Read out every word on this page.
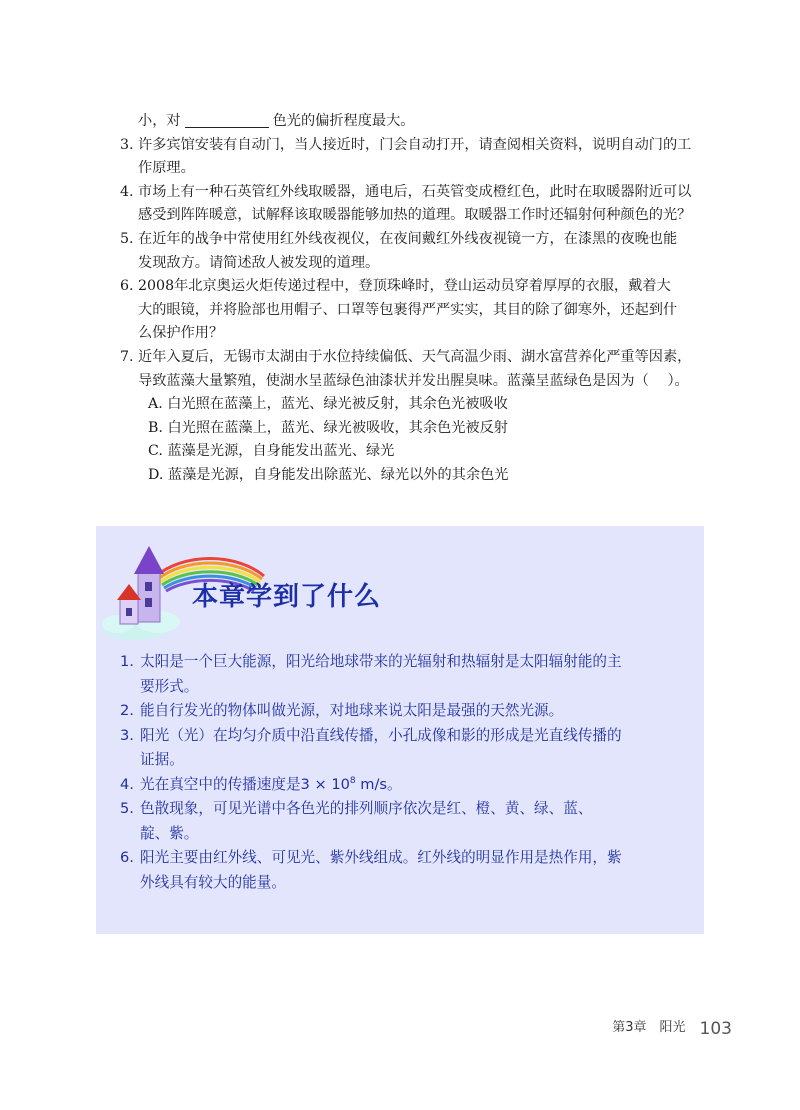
小，对	色光的偏折程度最大。
3. 许多宾馆安装有自动门，当人接近时，门会自动打开，请查阅相关资料，说明自动门的工
作原理。
4. 市场上有一种石英管红外线取暖器，通电后，石英管变成橙红色，此时在取暖器附近可以
感受到阵阵暖意，试解释该取暖器能够加热的道理。取暖器工作时还辐射何种颜色的光？
5. 在近年的战争中常使用红外线夜视仪，在夜间戴红外线夜视镜一方，在漆黑的夜晚也能
发现敌方。请简述敌人被发现的道理。
6. 2008年北京奥运火炬传递过程中，登顶珠峰时，登山运动员穿着厚厚的衣服，戴着大
大的眼镜，并将脸部也用帽子、口罩等包裹得严严实实，其目的除了御寒外，还起到什
么保护作用？
7. 近年入夏后，无锡市太湖由于水位持续偏低、天气高温少雨、湖水富营养化严重等因素，
导致蓝藻大量繁殖，使湖水呈蓝绿色油漆状并发出腥臭味。蓝藻呈蓝绿色是因为（　 ）。
A. 白光照在蓝藻上，蓝光、绿光被反射，其余色光被吸收
B. 白光照在蓝藻上，蓝光、绿光被吸收，其余色光被反射
C. 蓝藻是光源，自身能发出蓝光、绿光
D. 蓝藻是光源，自身能发出除蓝光、绿光以外的其余色光
本章学到了什么
1. 太阳是一个巨大能源，阳光给地球带来的光辐射和热辐射是太阳辐射能的主
要形式。
2. 能自行发光的物体叫做光源，对地球来说太阳是最强的天然光源。
3. 阳光（光）在均匀介质中沿直线传播，小孔成像和影的形成是光直线传播的
证据。
4. 光在真空中的传播速度是$3 \times 10^8$ m/s。
5. 色散现象，可见光谱中各色光的排列顺序依次是红、橙、黄、绿、蓝、
靛、紫。
6. 阳光主要由红外线、可见光、紫外线组成。红外线的明显作用是热作用，紫
外线具有较大的能量。
第3章　阳光 103
